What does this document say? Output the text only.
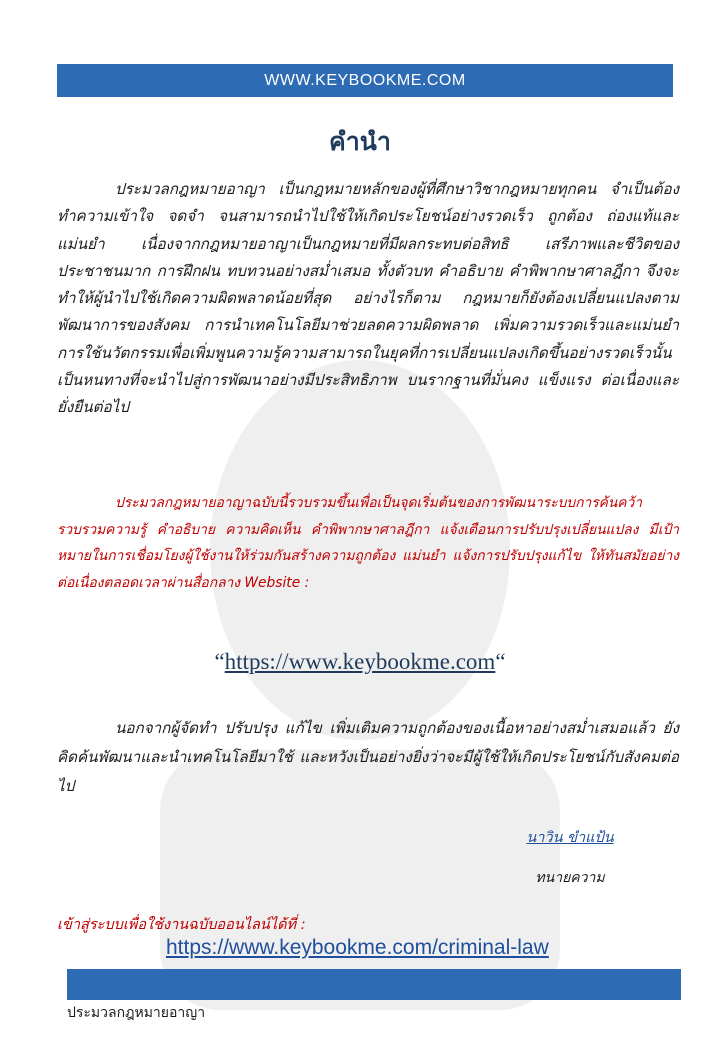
WWW.KEYBOOKME.COM
คำนำ
ประมวลกฎหมายอาญา เป็นกฎหมายหลักของผู้ที่ศึกษาวิชากฎหมายทุกคน จำเป็นต้องทำความเข้าใจ จดจำ จนสามารถนำไปใช้ให้เกิดประโยชน์อย่างรวดเร็ว ถูกต้อง ถ่องแท้และแม่นยำ เนื่องจากกฎหมายอาญาเป็นกฎหมายที่มีผลกระทบต่อสิทธิ เสรีภาพและชีวิตของประชาชนมาก การฝึกฝน ทบทวนอย่างสม่ำเสมอ ทั้งตัวบท คำอธิบาย คำพิพากษาศาลฎีกา จึงจะทำให้ผู้นำไปใช้เกิดความผิดพลาดน้อยที่สุด อย่างไรก็ตาม กฎหมายก็ยังต้องเปลี่ยนแปลงตามพัฒนาการของสังคม การนำเทคโนโลยีมาช่วยลดความผิดพลาด เพิ่มความรวดเร็วและแม่นยำ การใช้นวัตกรรมเพื่อเพิ่มพูนความรู้ความสามารถในยุคที่การเปลี่ยนแปลงเกิดขึ้นอย่างรวดเร็วนั้น เป็นหนทางที่จะนำไปสู่การพัฒนาอย่างมีประสิทธิภาพ บนรากฐานที่มั่นคง แข็งแรง ต่อเนื่องและยั่งยืนต่อไป
ประมวลกฎหมายอาญาฉบับนี้รวบรวมขึ้นเพื่อเป็นจุดเริ่มต้นของการพัฒนาระบบการค้นคว้ารวบรวมความรู้ คำอธิบาย ความคิดเห็น คำพิพากษาศาลฎีกา แจ้งเตือนการปรับปรุงเปลี่ยนแปลง มีเป้าหมายในการเชื่อมโยงผู้ใช้งานให้ร่วมกันสร้างความถูกต้อง แม่นยำ แจ้งการปรับปรุงแก้ไข ให้ทันสมัยอย่างต่อเนื่องตลอดเวลาผ่านสื่อกลาง Website :
“https://www.keybookme.com“
นอกจากผู้จัดทำ ปรับปรุง แก้ไข เพิ่มเติมความถูกต้องของเนื้อหาอย่างสม่ำเสมอแล้ว ยังคิดค้นพัฒนาและนำเทคโนโลยีมาใช้ และหวังเป็นอย่างยิ่งว่าจะมีผู้ใช้ให้เกิดประโยชน์กับสังคมต่อไป
นาวิน ขำแป้น
ทนายความ
เข้าสู่ระบบเพื่อใช้งานฉบับออนไลน์ได้ที่ :
https://www.keybookme.com/criminal-law
ประมวลกฎหมายอาญา
